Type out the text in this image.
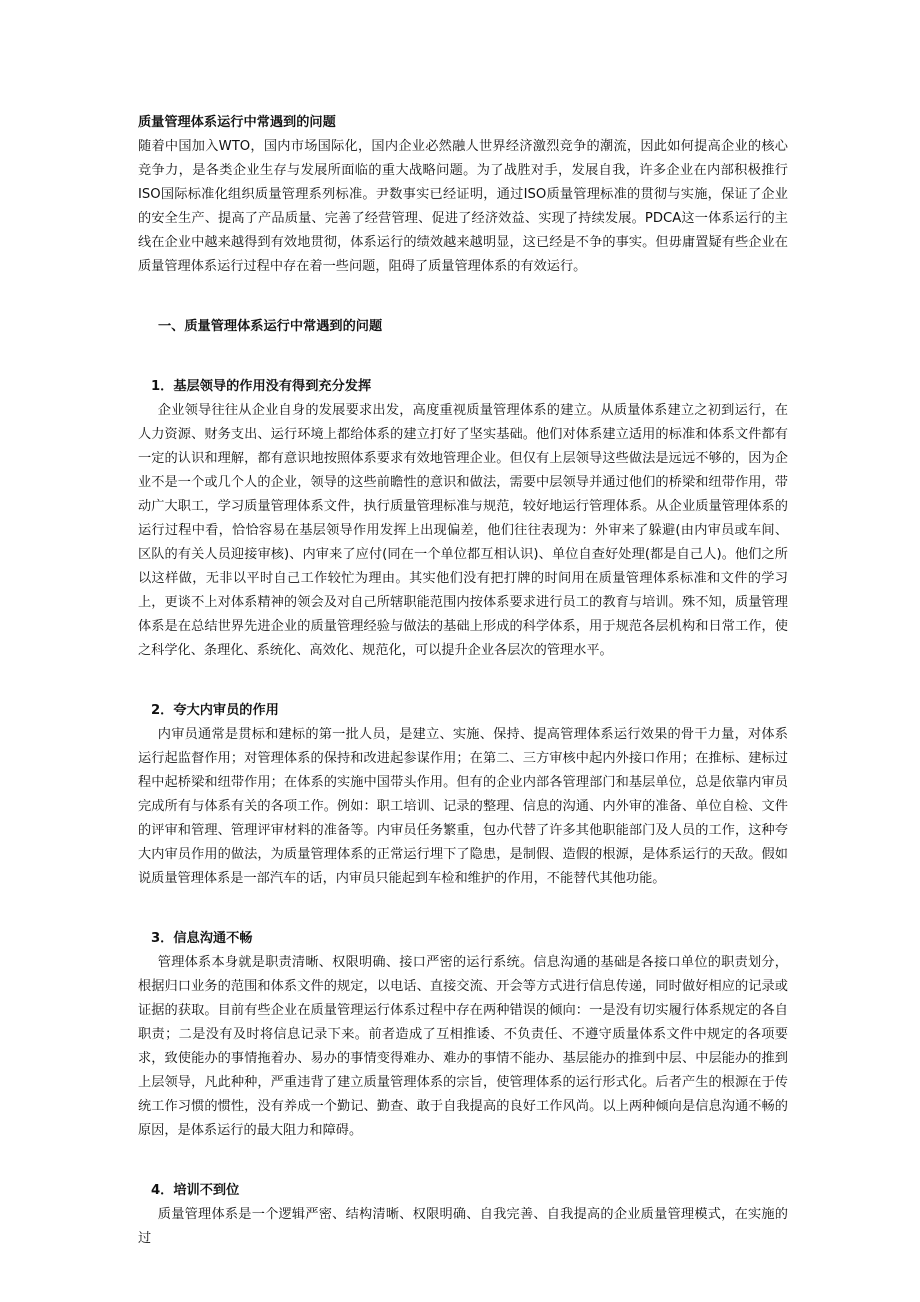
质量管理体系运行中常遇到的问题

随着中国加入WTO，国内市场国际化，国内企业必然融人世界经济激烈竞争的潮流，因此如何提高企业的核心竞争力，是各类企业生存与发展所面临的重大战略问题。为了战胜对手，发展自我，许多企业在内部积极推行ISO国际标准化组织质量管理系列标准。尹数事实已经证明，通过ISO质量管理标准的贯彻与实施，保证了企业的安全生产、提高了产品质量、完善了经营管理、促进了经济效益、实现了持续发展。PDCA这一体系运行的主线在企业中越来越得到有效地贯彻，体系运行的绩效越来越明显，这已经是不争的事实。但毋庸置疑有些企业在质量管理体系运行过程中存在着一些问题，阻碍了质量管理体系的有效运行。

一、质量管理体系运行中常遇到的问题

1．基层领导的作用没有得到充分发挥

企业领导往往从企业自身的发展要求出发，高度重视质量管理体系的建立。从质量体系建立之初到运行，在人力资源、财务支出、运行环境上都给体系的建立打好了坚实基础。他们对体系建立适用的标准和体系文件都有一定的认识和理解，都有意识地按照体系要求有效地管理企业。但仅有上层领导这些做法是远远不够的，因为企业不是一个或几个人的企业，领导的这些前瞻性的意识和做法，需要中层领导并通过他们的桥梁和纽带作用，带动广大职工，学习质量管理体系文件，执行质量管理标准与规范，较好地运行管理体系。从企业质量管理体系的运行过程中看，恰恰容易在基层领导作用发挥上出现偏差，他们往往表现为：外审来了躲避(由内审员或车间、区队的有关人员迎接审核)、内审来了应付(同在一个单位都互相认识)、单位自查好处理(都是自己人)。他们之所以这样做，无非以平时自己工作较忙为理由。其实他们没有把打牌的时间用在质量管理体系标准和文件的学习上，更谈不上对体系精神的领会及对自己所辖职能范围内按体系要求进行员工的教育与培训。殊不知，质量管理体系是在总结世界先进企业的质量管理经验与做法的基础上形成的科学体系，用于规范各层机构和日常工作，使之科学化、条理化、系统化、高效化、规范化，可以提升企业各层次的管理水平。

2．夸大内审员的作用

内审员通常是贯标和建标的第一批人员，是建立、实施、保持、提高管理体系运行效果的骨干力量，对体系运行起监督作用；对管理体系的保持和改进起参谋作用；在第二、三方审核中起内外接口作用；在推标、建标过程中起桥梁和纽带作用；在体系的实施中国带头作用。但有的企业内部各管理部门和基层单位，总是依靠内审员完成所有与体系有关的各项工作。例如：职工培训、记录的整理、信息的沟通、内外审的准备、单位自检、文件的评审和管理、管理评审材料的准备等。内审员任务繁重，包办代替了许多其他职能部门及人员的工作，这种夸大内审员作用的做法，为质量管理体系的正常运行埋下了隐患，是制假、造假的根源，是体系运行的天敌。假如说质量管理体系是一部汽车的话，内审员只能起到车检和维护的作用，不能替代其他功能。

3．信息沟通不畅

管理体系本身就是职责清晰、权限明确、接口严密的运行系统。信息沟通的基础是各接口单位的职责划分，根据归口业务的范围和体系文件的规定，以电话、直接交流、开会等方式进行信息传递，同时做好相应的记录或证据的获取。目前有些企业在质量管理运行体系过程中存在两种错误的倾向：一是没有切实履行体系规定的各自职责；二是没有及时将信息记录下来。前者造成了互相推诿、不负责任、不遵守质量体系文件中规定的各项要求，致使能办的事情拖着办、易办的事情变得难办、难办的事情不能办、基层能办的推到中层、中层能办的推到上层领导，凡此种种，严重违背了建立质量管理体系的宗旨，使管理体系的运行形式化。后者产生的根源在于传统工作习惯的惯性，没有养成一个勤记、勤查、敢于自我提高的良好工作风尚。以上两种倾向是信息沟通不畅的原因，是体系运行的最大阻力和障碍。

4．培训不到位

质量管理体系是一个逻辑严密、结构清晰、权限明确、自我完善、自我提高的企业质量管理模式，在实施的过
